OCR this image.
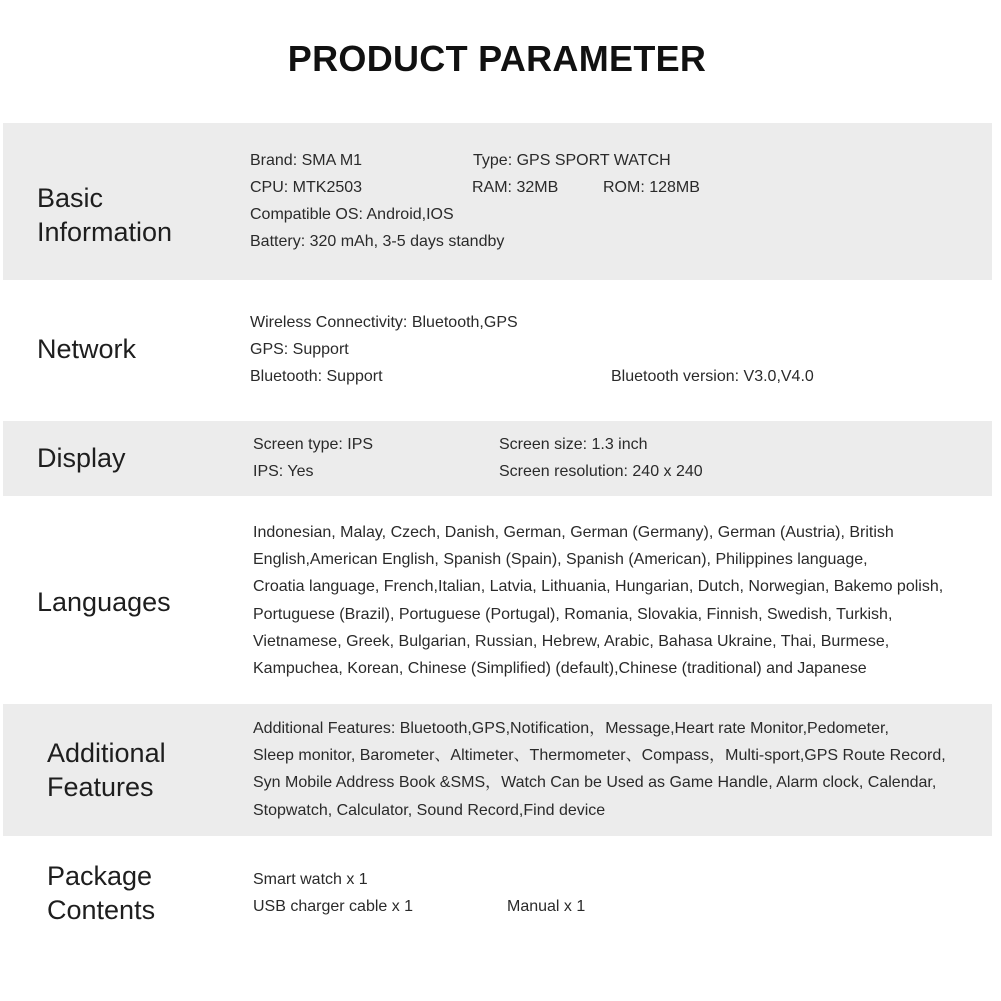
PRODUCT PARAMETER
Basic
Information
Brand: SMA M1	Type: GPS SPORT WATCH
CPU: MTK2503	RAM: 32MB	ROM: 128MB
Compatible OS: Android,IOS
Battery: 320 mAh, 3-5 days standby
Network
Wireless Connectivity: Bluetooth,GPS
GPS: Support
Bluetooth: Support	Bluetooth version: V3.0,V4.0
Display	Screen type: IPS	Screen size: 1.3 inch
IPS: Yes	Screen resolution: 240 x 240
Languages
Indonesian, Malay, Czech, Danish, German, German (Germany), German (Austria), British
English,American English, Spanish (Spain), Spanish (American), Philippines language,
Croatia language, French,Italian, Latvia, Lithuania, Hungarian, Dutch, Norwegian, Bakemo polish,
Portuguese (Brazil), Portuguese (Portugal), Romania, Slovakia, Finnish, Swedish, Turkish,
Vietnamese, Greek, Bulgarian, Russian, Hebrew, Arabic, Bahasa Ukraine, Thai, Burmese,
Kampuchea, Korean, Chinese (Simplified) (default),Chinese (traditional) and Japanese
Additional
Features
Additional Features: Bluetooth,GPS,Notification，Message,Heart rate Monitor,Pedometer,
Sleep monitor, Barometer、Altimeter、Thermometer、Compass，Multi-sport,GPS Route Record,
Syn Mobile Address Book &SMS，Watch Can be Used as Game Handle, Alarm clock, Calendar,
Stopwatch, Calculator, Sound Record,Find device
Package
Contents
Smart watch x 1
USB charger cable x 1	Manual x 1
